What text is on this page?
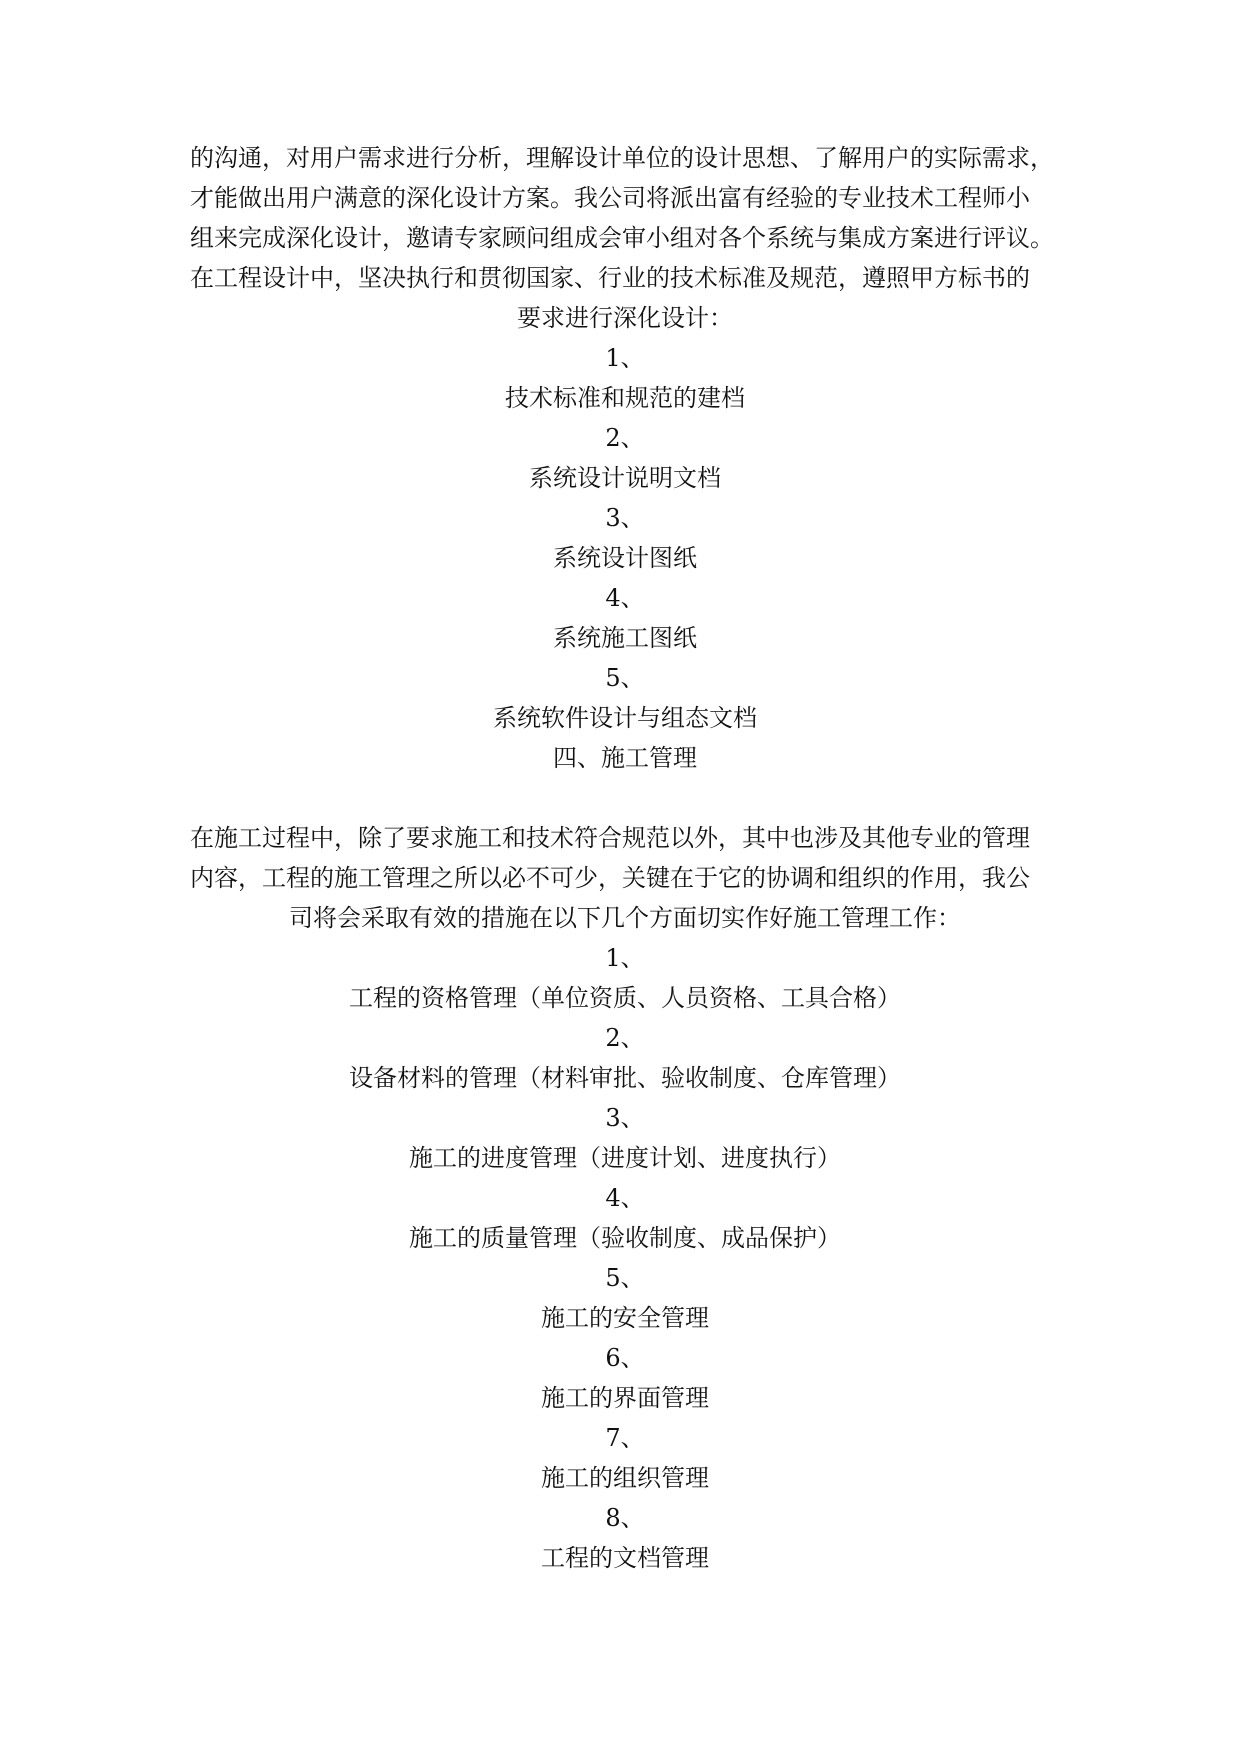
的沟通，对用户需求进行分析，理解设计单位的设计思想、了解用户的实际需求，
才能做出用户满意的深化设计方案。我公司将派出富有经验的专业技术工程师小
组来完成深化设计，邀请专家顾问组成会审小组对各个系统与集成方案进行评议。
在工程设计中，坚决执行和贯彻国家、行业的技术标准及规范，遵照甲方标书的
要求进行深化设计：

1、
技术标准和规范的建档
2、
系统设计说明文档
3、
系统设计图纸
4、
系统施工图纸
5、
系统软件设计与组态文档

四、施工管理

在施工过程中，除了要求施工和技术符合规范以外，其中也涉及其他专业的管理
内容，工程的施工管理之所以必不可少，关键在于它的协调和组织的作用，我公
司将会采取有效的措施在以下几个方面切实作好施工管理工作：

1、
工程的资格管理（单位资质、人员资格、工具合格）
2、
设备材料的管理（材料审批、验收制度、仓库管理）
3、
施工的进度管理（进度计划、进度执行）
4、
施工的质量管理（验收制度、成品保护）
5、
施工的安全管理
6、
施工的界面管理
7、
施工的组织管理
8、
工程的文档管理
